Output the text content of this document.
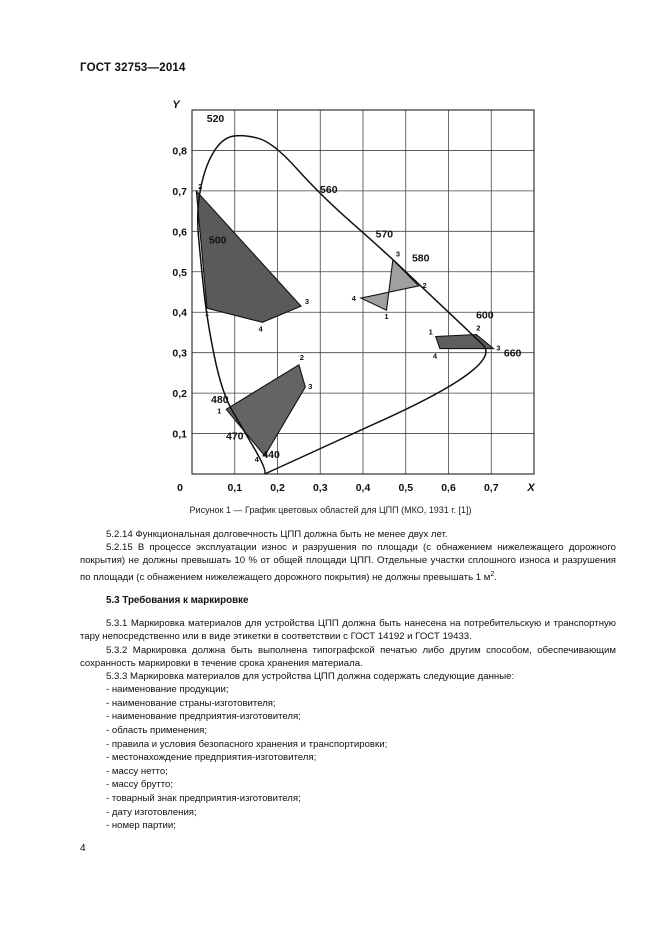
ГОСТ 32753—2014
0,1	0,2	0,3	0,4	0,5	0,6	0,7
0,1
0,2
0,3
0,4
0,5
0,6
0,7
0,8
0	X
Y
520
560
570
580
600
660
500
480
470
440
1
2
3
4
1
3
2
4
1	2
3
4
1
2
3
4
Рисунок 1 — График цветовых областей для ЦПП (МКО, 1931 г. [1])

5.2.14 Функциональная долговечность ЦПП должна быть не менее двух лет.

5.2.15 В процессе эксплуатации износ и разрушения по площади (с обнажением нижележащего дорожного покрытия) не должны превышать 10 % от общей площади ЦПП. Отдельные участки сплошного износа и разрушения по площади (с обнажением нижележащего дорожного покрытия) не должны превышать 1 $м^2$.

5.3 Требования к маркировке

5.3.1 Маркировка материалов для устройства ЦПП должна быть нанесена на потребительскую и транспортную тару непосредственно или в виде этикетки в соответствии с ГОСТ 14192 и ГОСТ 19433.

5.3.2 Маркировка должна быть выполнена типографской печатью либо другим способом, обеспечивающим сохранность маркировки в течение срока хранения материала.

5.3.3 Маркировка материалов для устройства ЦПП должна содержать следующие данные:

- наименование продукции;
- наименование страны-изготовителя;
- наименование предприятия-изготовителя;
- область применения;
- правила и условия безопасного хранения и транспортировки;
- местонахождение предприятия-изготовителя;
- массу нетто;
- массу брутто;
- товарный знак предприятия-изготовителя;
- дату изготовления;
- номер партии;
4
